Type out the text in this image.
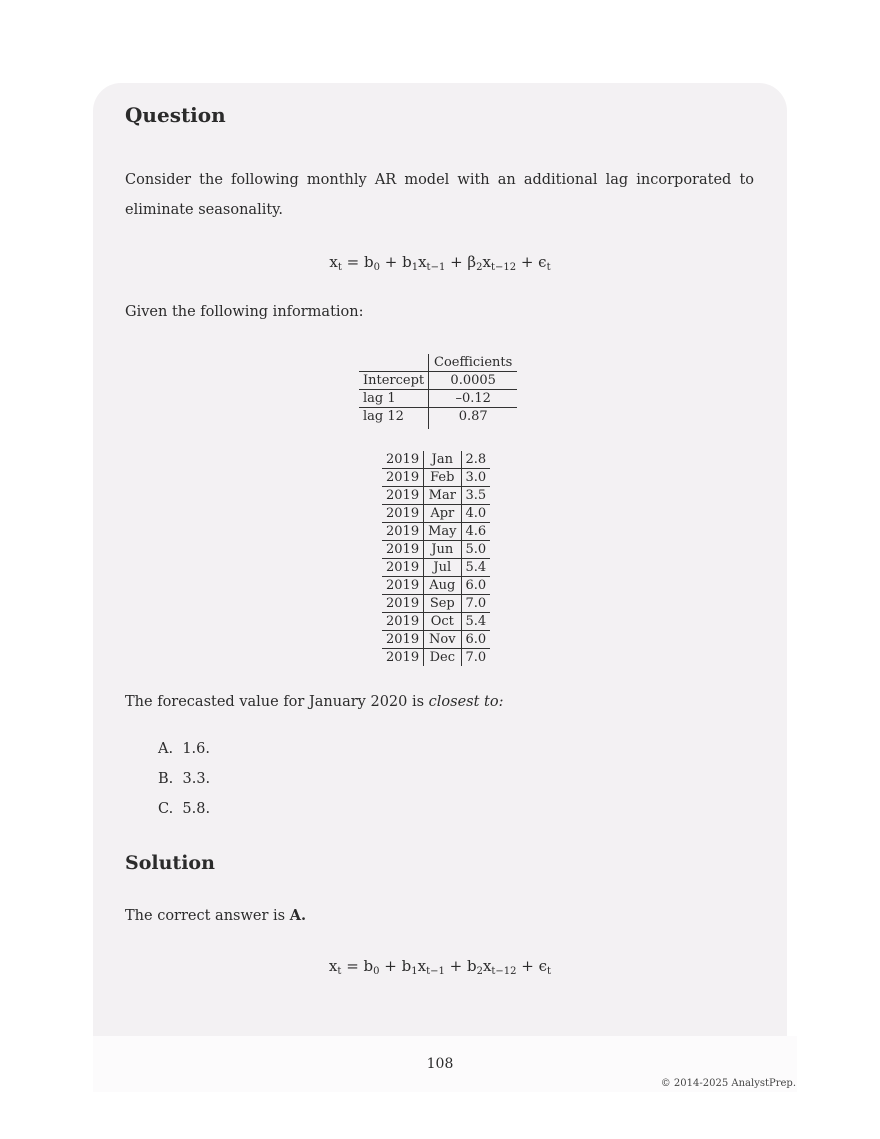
Question
Consider the following monthly AR model with an additional lag incorporated to
eliminate seasonality.
$x_t = b_0 + b_1x_{t-1} + \beta_2x_{t-12} + \epsilon_t$
Given the following information:
	Coefficients
Intercept	0.0005
lag 1	–0.12
lag 12	0.87

2019	Jan	2.8
2019	Feb	3.0
2019	Mar	3.5
2019	Apr	4.0
2019	May	4.6
2019	Jun	5.0
2019	Jul	5.4
2019	Aug	6.0
2019	Sep	7.0
2019	Oct	5.4
2019	Nov	6.0
2019	Dec	7.0
The forecasted value for January 2020 is closest to:
A. 1.6.
B. 3.3.
C. 5.8.
Solution
The correct answer is A.
$x_t = b_0 + b_1x_{t-1} + b_2x_{t-12} + \epsilon_t$
108
© 2014-2025 AnalystPrep.
